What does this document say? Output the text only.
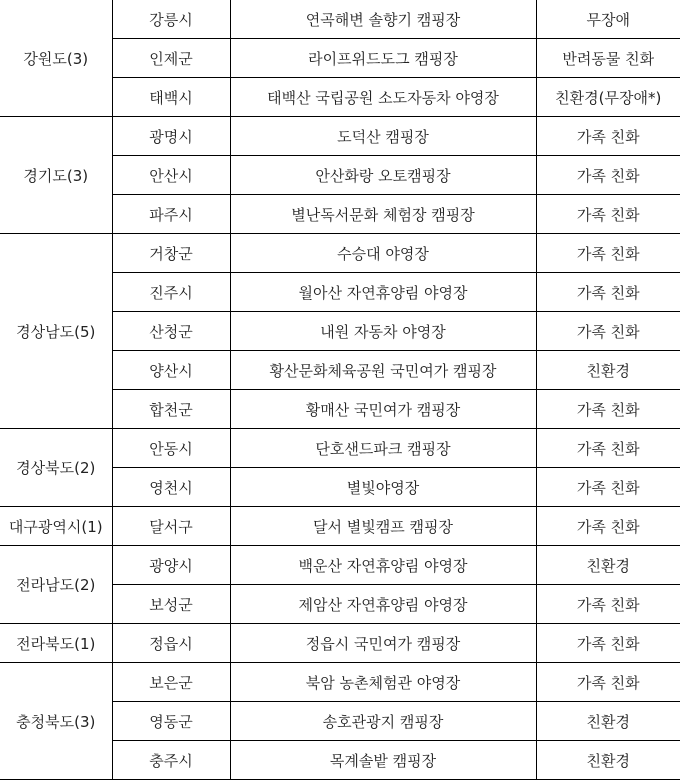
강원도(3)	강릉시	연곡해변 솔향기 캠핑장	무장애
	인제군	라이프위드도그 캠핑장	반려동물 친화
	태백시	태백산 국립공원 소도자동차 야영장	친환경(무장애*)
경기도(3)	광명시	도덕산 캠핑장	가족 친화
	안산시	안산화랑 오토캠핑장	가족 친화
	파주시	별난독서문화 체험장 캠핑장	가족 친화
경상남도(5)	거창군	수승대 야영장	가족 친화
	진주시	월아산 자연휴양림 야영장	가족 친화
	산청군	내원 자동차 야영장	가족 친화
	양산시	황산문화체육공원 국민여가 캠핑장	친환경
	합천군	황매산 국민여가 캠핑장	가족 친화
경상북도(2)	안동시	단호샌드파크 캠핑장	가족 친화
	영천시	별빛야영장	가족 친화
대구광역시(1)	달서구	달서 별빛캠프 캠핑장	가족 친화
전라남도(2)	광양시	백운산 자연휴양림 야영장	친환경
	보성군	제암산 자연휴양림 야영장	가족 친화
전라북도(1)	정읍시	정읍시 국민여가 캠핑장	가족 친화
충청북도(3)	보은군	북암 농촌체험관 야영장	가족 친화
	영동군	송호관광지 캠핑장	친환경
	충주시	목계솔밭 캠핑장	친환경
